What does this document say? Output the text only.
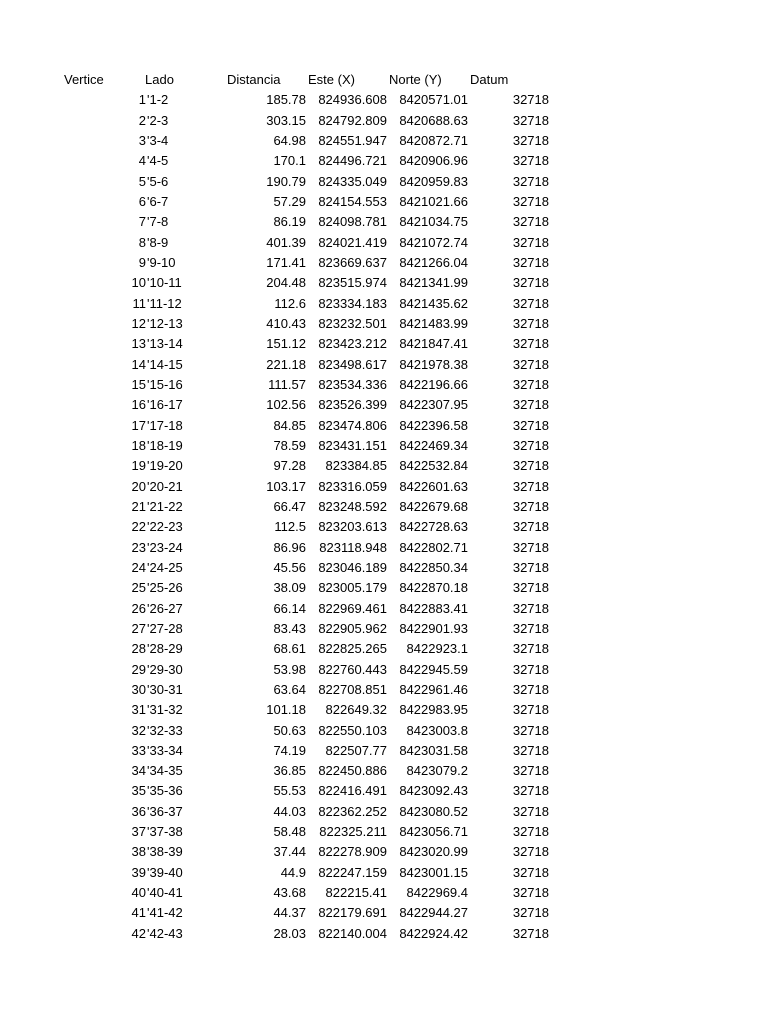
Vertice	Lado	Distancia Este (X)	Norte (Y) Datum
1 '1-2	185.78 824936.608 8420571.01	32718
2 '2-3	303.15 824792.809 8420688.63	32718
3 '3-4	64.98 824551.947 8420872.71	32718
4 '4-5	170.1 824496.721 8420906.96	32718
5 '5-6	190.79 824335.049 8420959.83	32718
6 '6-7	57.29 824154.553 8421021.66	32718
7 '7-8	86.19 824098.781 8421034.75	32718
8 '8-9	401.39 824021.419 8421072.74	32718
9 '9-10	171.41 823669.637 8421266.04	32718
10 '10-11	204.48 823515.974 8421341.99	32718
11 '11-12	112.6 823334.183 8421435.62	32718
12 '12-13	410.43 823232.501 8421483.99	32718
13 '13-14	151.12 823423.212 8421847.41	32718
14 '14-15	221.18 823498.617 8421978.38	32718
15 '15-16	111.57 823534.336 8422196.66	32718
16 '16-17	102.56 823526.399 8422307.95	32718
17 '17-18	84.85 823474.806 8422396.58	32718
18 '18-19	78.59 823431.151 8422469.34	32718
19 '19-20	97.28 823384.85 8422532.84	32718
20 '20-21	103.17 823316.059 8422601.63	32718
21 '21-22	66.47 823248.592 8422679.68	32718
22 '22-23	112.5 823203.613 8422728.63	32718
23 '23-24	86.96 823118.948 8422802.71	32718
24 '24-25	45.56 823046.189 8422850.34	32718
25 '25-26	38.09 823005.179 8422870.18	32718
26 '26-27	66.14 822969.461 8422883.41	32718
27 '27-28	83.43 822905.962 8422901.93	32718
28 '28-29	68.61 822825.265 8422923.1	32718
29 '29-30	53.98 822760.443 8422945.59	32718
30 '30-31	63.64 822708.851 8422961.46	32718
31 '31-32	101.18 822649.32 8422983.95	32718
32 '32-33	50.63 822550.103 8423003.8	32718
33 '33-34	74.19 822507.77 8423031.58	32718
34 '34-35	36.85 822450.886 8423079.2	32718
35 '35-36	55.53 822416.491 8423092.43	32718
36 '36-37	44.03 822362.252 8423080.52	32718
37 '37-38	58.48 822325.211 8423056.71	32718
38 '38-39	37.44 822278.909 8423020.99	32718
39 '39-40	44.9 822247.159 8423001.15	32718
40 '40-41	43.68 822215.41 8422969.4	32718
41 '41-42	44.37 822179.691 8422944.27	32718
42 '42-43	28.03 822140.004 8422924.42	32718
